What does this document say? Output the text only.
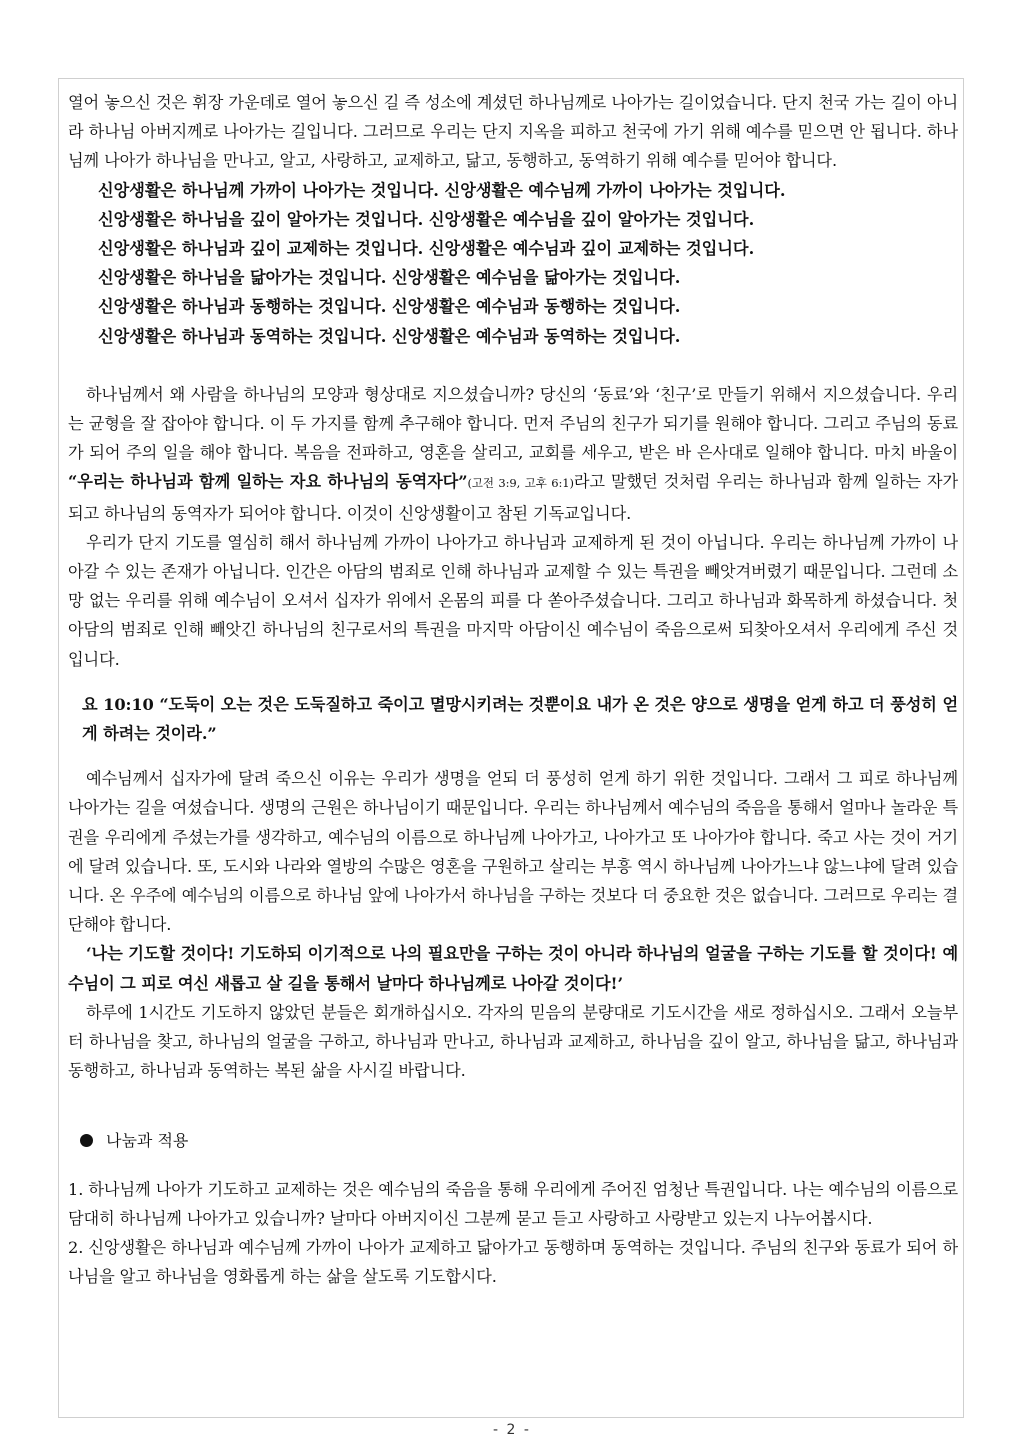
열어 놓으신 것은 휘장 가운데로 열어 놓으신 길 즉 성소에 계셨던 하나님께로 나아가는 길이었습니다. 단지 천국 가는 길이 아니라 하나님 아버지께로 나아가는 길입니다. 그러므로 우리는 단지 지옥을 피하고 천국에 가기 위해 예수를 믿으면 안 됩니다. 하나님께 나아가 하나님을 만나고, 알고, 사랑하고, 교제하고, 닮고, 동행하고, 동역하기 위해 예수를 믿어야 합니다.

신앙생활은 하나님께 가까이 나아가는 것입니다. 신앙생활은 예수님께 가까이 나아가는 것입니다.
신앙생활은 하나님을 깊이 알아가는 것입니다. 신앙생활은 예수님을 깊이 알아가는 것입니다.
신앙생활은 하나님과 깊이 교제하는 것입니다. 신앙생활은 예수님과 깊이 교제하는 것입니다.
신앙생활은 하나님을 닮아가는 것입니다. 신앙생활은 예수님을 닮아가는 것입니다.
신앙생활은 하나님과 동행하는 것입니다. 신앙생활은 예수님과 동행하는 것입니다.
신앙생활은 하나님과 동역하는 것입니다. 신앙생활은 예수님과 동역하는 것입니다.

하나님께서 왜 사람을 하나님의 모양과 형상대로 지으셨습니까? 당신의 ‘동료’와 ‘친구’로 만들기 위해서 지으셨습니다. 우리는 균형을 잘 잡아야 합니다. 이 두 가지를 함께 추구해야 합니다. 먼저 주님의 친구가 되기를 원해야 합니다. 그리고 주님의 동료가 되어 주의 일을 해야 합니다. 복음을 전파하고, 영혼을 살리고, 교회를 세우고, 받은 바 은사대로 일해야 합니다. 마치 바울이 “우리는 하나님과 함께 일하는 자요 하나님의 동역자다”(고전 3:9, 고후 6:1)라고 말했던 것처럼 우리는 하나님과 함께 일하는 자가 되고 하나님의 동역자가 되어야 합니다. 이것이 신앙생활이고 참된 기독교입니다.

우리가 단지 기도를 열심히 해서 하나님께 가까이 나아가고 하나님과 교제하게 된 것이 아닙니다. 우리는 하나님께 가까이 나아갈 수 있는 존재가 아닙니다. 인간은 아담의 범죄로 인해 하나님과 교제할 수 있는 특권을 빼앗겨버렸기 때문입니다. 그런데 소망 없는 우리를 위해 예수님이 오셔서 십자가 위에서 온몸의 피를 다 쏟아주셨습니다. 그리고 하나님과 화목하게 하셨습니다. 첫 아담의 범죄로 인해 빼앗긴 하나님의 친구로서의 특권을 마지막 아담이신 예수님이 죽음으로써 되찾아오셔서 우리에게 주신 것입니다.

요 10:10 “도둑이 오는 것은 도둑질하고 죽이고 멸망시키려는 것뿐이요 내가 온 것은 양으로 생명을 얻게 하고 더 풍성히 얻게 하려는 것이라.”

예수님께서 십자가에 달려 죽으신 이유는 우리가 생명을 얻되 더 풍성히 얻게 하기 위한 것입니다. 그래서 그 피로 하나님께 나아가는 길을 여셨습니다. 생명의 근원은 하나님이기 때문입니다. 우리는 하나님께서 예수님의 죽음을 통해서 얼마나 놀라운 특권을 우리에게 주셨는가를 생각하고, 예수님의 이름으로 하나님께 나아가고, 나아가고 또 나아가야 합니다. 죽고 사는 것이 거기에 달려 있습니다. 또, 도시와 나라와 열방의 수많은 영혼을 구원하고 살리는 부흥 역시 하나님께 나아가느냐 않느냐에 달려 있습니다. 온 우주에 예수님의 이름으로 하나님 앞에 나아가서 하나님을 구하는 것보다 더 중요한 것은 없습니다. 그러므로 우리는 결단해야 합니다.

‘나는 기도할 것이다! 기도하되 이기적으로 나의 필요만을 구하는 것이 아니라 하나님의 얼굴을 구하는 기도를 할 것이다! 예수님이 그 피로 여신 새롭고 살 길을 통해서 날마다 하나님께로 나아갈 것이다!’

하루에 1시간도 기도하지 않았던 분들은 회개하십시오. 각자의 믿음의 분량대로 기도시간을 새로 정하십시오. 그래서 오늘부터 하나님을 찾고, 하나님의 얼굴을 구하고, 하나님과 만나고, 하나님과 교제하고, 하나님을 깊이 알고, 하나님을 닮고, 하나님과 동행하고, 하나님과 동역하는 복된 삶을 사시길 바랍니다.

나눔과 적용

1. 하나님께 나아가 기도하고 교제하는 것은 예수님의 죽음을 통해 우리에게 주어진 엄청난 특권입니다. 나는 예수님의 이름으로 담대히 하나님께 나아가고 있습니까? 날마다 아버지이신 그분께 묻고 듣고 사랑하고 사랑받고 있는지 나누어봅시다.

2. 신앙생활은 하나님과 예수님께 가까이 나아가 교제하고 닮아가고 동행하며 동역하는 것입니다. 주님의 친구와 동료가 되어 하나님을 알고 하나님을 영화롭게 하는 삶을 살도록 기도합시다.

- 2 -
